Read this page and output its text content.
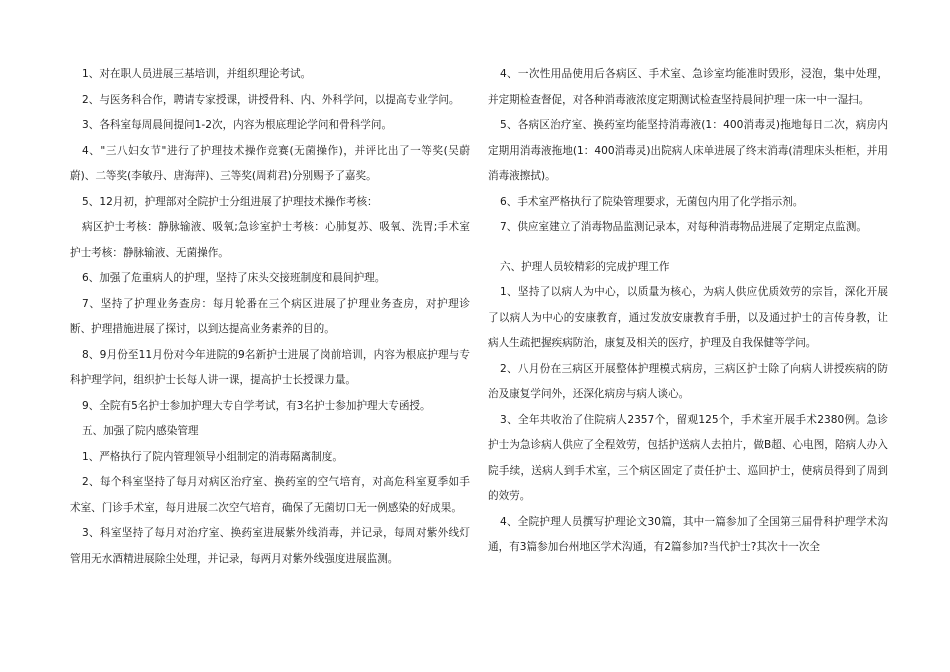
1、对在职人员进展三基培训，并组织理论考试。

2、与医务科合作，聘请专家授课，讲授骨科、内、外科学问，以提高专业学问。

3、各科室每周晨间提问1-2次，内容为根底理论学问和骨科学问。

4、"三八妇女节"进行了护理技术操作竞赛(无菌操作)，并评比出了一等奖(吴蔚蔚)、二等奖(李敏丹、唐海萍)、三等奖(周莉君)分别赐予了嘉奖。

5、12月初，护理部对全院护士分组进展了护理技术操作考核：

病区护士考核：静脉输液、吸氧;急诊室护士考核：心肺复苏、吸氧、洗胃;手术室护士考核：静脉输液、无菌操作。

6、加强了危重病人的护理，坚持了床头交接班制度和晨间护理。

7、坚持了护理业务查房：每月轮番在三个病区进展了护理业务查房，对护理诊断、护理措施进展了探讨，以到达提高业务素养的目的。

8、9月份至11月份对今年进院的9名新护士进展了岗前培训，内容为根底护理与专科护理学问，组织护士长每人讲一课，提高护士长授课力量。

9、全院有5名护士参加护理大专自学考试，有3名护士参加护理大专函授。

五、加强了院内感染管理

1、严格执行了院内管理领导小组制定的消毒隔离制度。

2、每个科室坚持了每月对病区治疗室、换药室的空气培育，对高危科室夏季如手术室、门诊手术室，每月进展二次空气培育，确保了无菌切口无一例感染的好成果。

3、科室坚持了每月对治疗室、换药室进展紫外线消毒，并记录，每周对紫外线灯管用无水酒精进展除尘处理，并记录，每两月对紫外线强度进展监测。

4、一次性用品使用后各病区、手术室、急诊室均能准时毁形，浸泡，集中处理，并定期检查督促，对各种消毒液浓度定期测试检查坚持晨间护理一床一中一湿扫。

5、各病区治疗室、换药室均能坚持消毒液(1：400消毒灵)拖地每日二次，病房内定期用消毒液拖地(1：400消毒灵)出院病人床单进展了终末消毒(清理床头柜柜，并用消毒液擦拭)。

6、手术室严格执行了院染管理要求，无菌包内用了化学指示剂。

7、供应室建立了消毒物品监测记录本，对每种消毒物品进展了定期定点监测。

六、护理人员较精彩的完成护理工作

1、坚持了以病人为中心，以质量为核心，为病人供应优质效劳的宗旨，深化开展了以病人为中心的安康教育，通过发放安康教育手册，以及通过护士的言传身教，让病人生疏把握疾病防治，康复及相关的医疗，护理及自我保健等学问。

2、八月份在三病区开展整体护理模式病房，三病区护士除了向病人讲授疾病的防治及康复学问外，还深化病房与病人谈心。

3、全年共收治了住院病人2357个，留观125个，手术室开展手术2380例。急诊护士为急诊病人供应了全程效劳，包括护送病人去拍片，做B超、心电图，陪病人办入院手续，送病人到手术室，三个病区固定了责任护士、巡回护士，使病员得到了周到的效劳。

4、全院护理人员撰写护理论文30篇，其中一篇参加了全国第三届骨科护理学术沟通，有3篇参加台州地区学术沟通，有2篇参加?当代护士?其次十一次全
